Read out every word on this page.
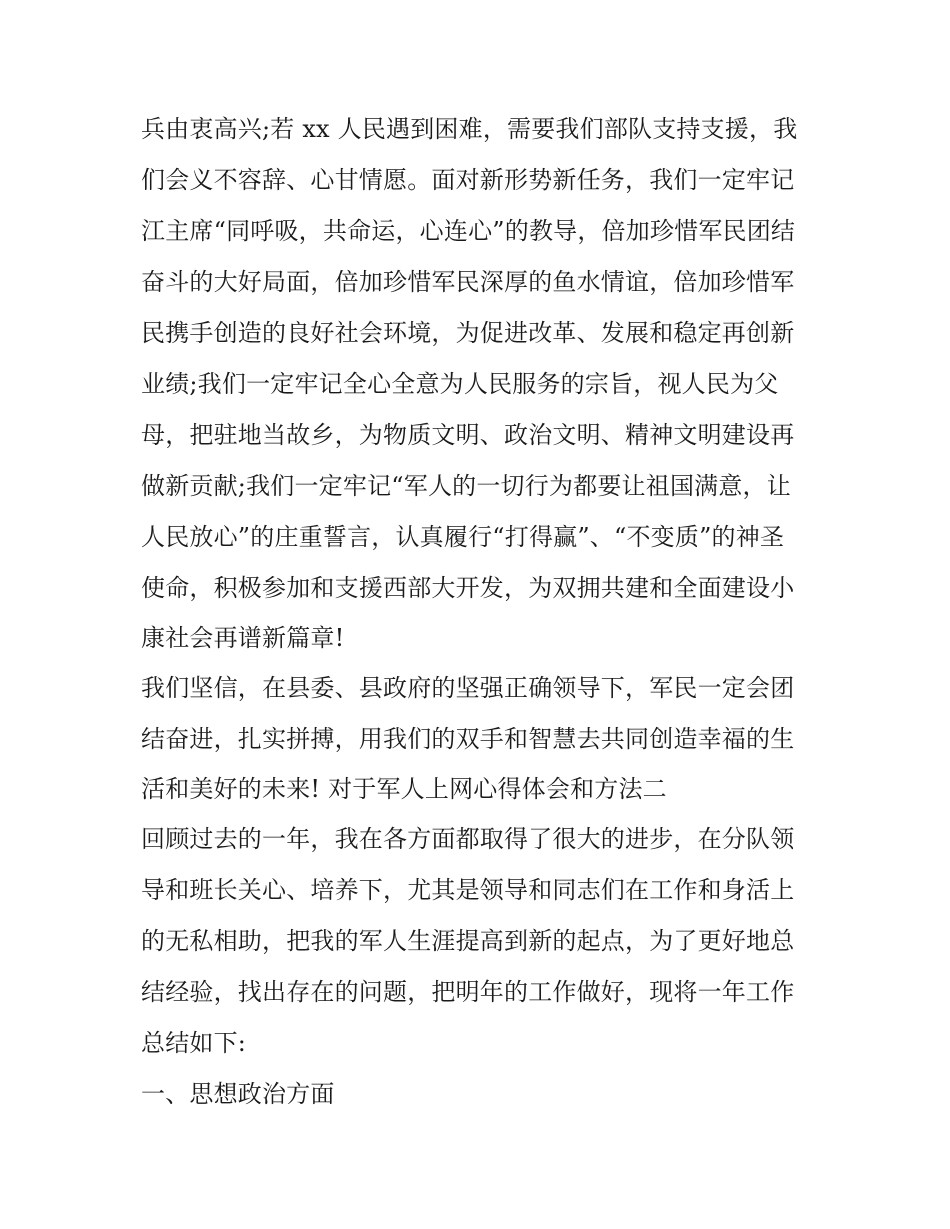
兵由衷高兴;若 xx 人民遇到困难，需要我们部队支持支援，我
们会义不容辞、心甘情愿。面对新形势新任务，我们一定牢记
江主席“同呼吸，共命运，心连心”的教导，倍加珍惜军民团结
奋斗的大好局面，倍加珍惜军民深厚的鱼水情谊，倍加珍惜军
民携手创造的良好社会环境，为促进改革、发展和稳定再创新
业绩;我们一定牢记全心全意为人民服务的宗旨，视人民为父
母，把驻地当故乡，为物质文明、政治文明、精神文明建设再
做新贡献;我们一定牢记“军人的一切行为都要让祖国满意，让
人民放心”的庄重誓言，认真履行“打得赢”、“不变质”的神圣
使命，积极参加和支援西部大开发，为双拥共建和全面建设小
康社会再谱新篇章!
我们坚信，在县委、县政府的坚强正确领导下，军民一定会团
结奋进，扎实拼搏，用我们的双手和智慧去共同创造幸福的生
活和美好的未来! 对于军人上网心得体会和方法二
回顾过去的一年，我在各方面都取得了很大的进步，在分队领
导和班长关心、培养下，尤其是领导和同志们在工作和身活上
的无私相助，把我的军人生涯提高到新的起点，为了更好地总
结经验，找出存在的问题，把明年的工作做好，现将一年工作
总结如下:
一、思想政治方面
